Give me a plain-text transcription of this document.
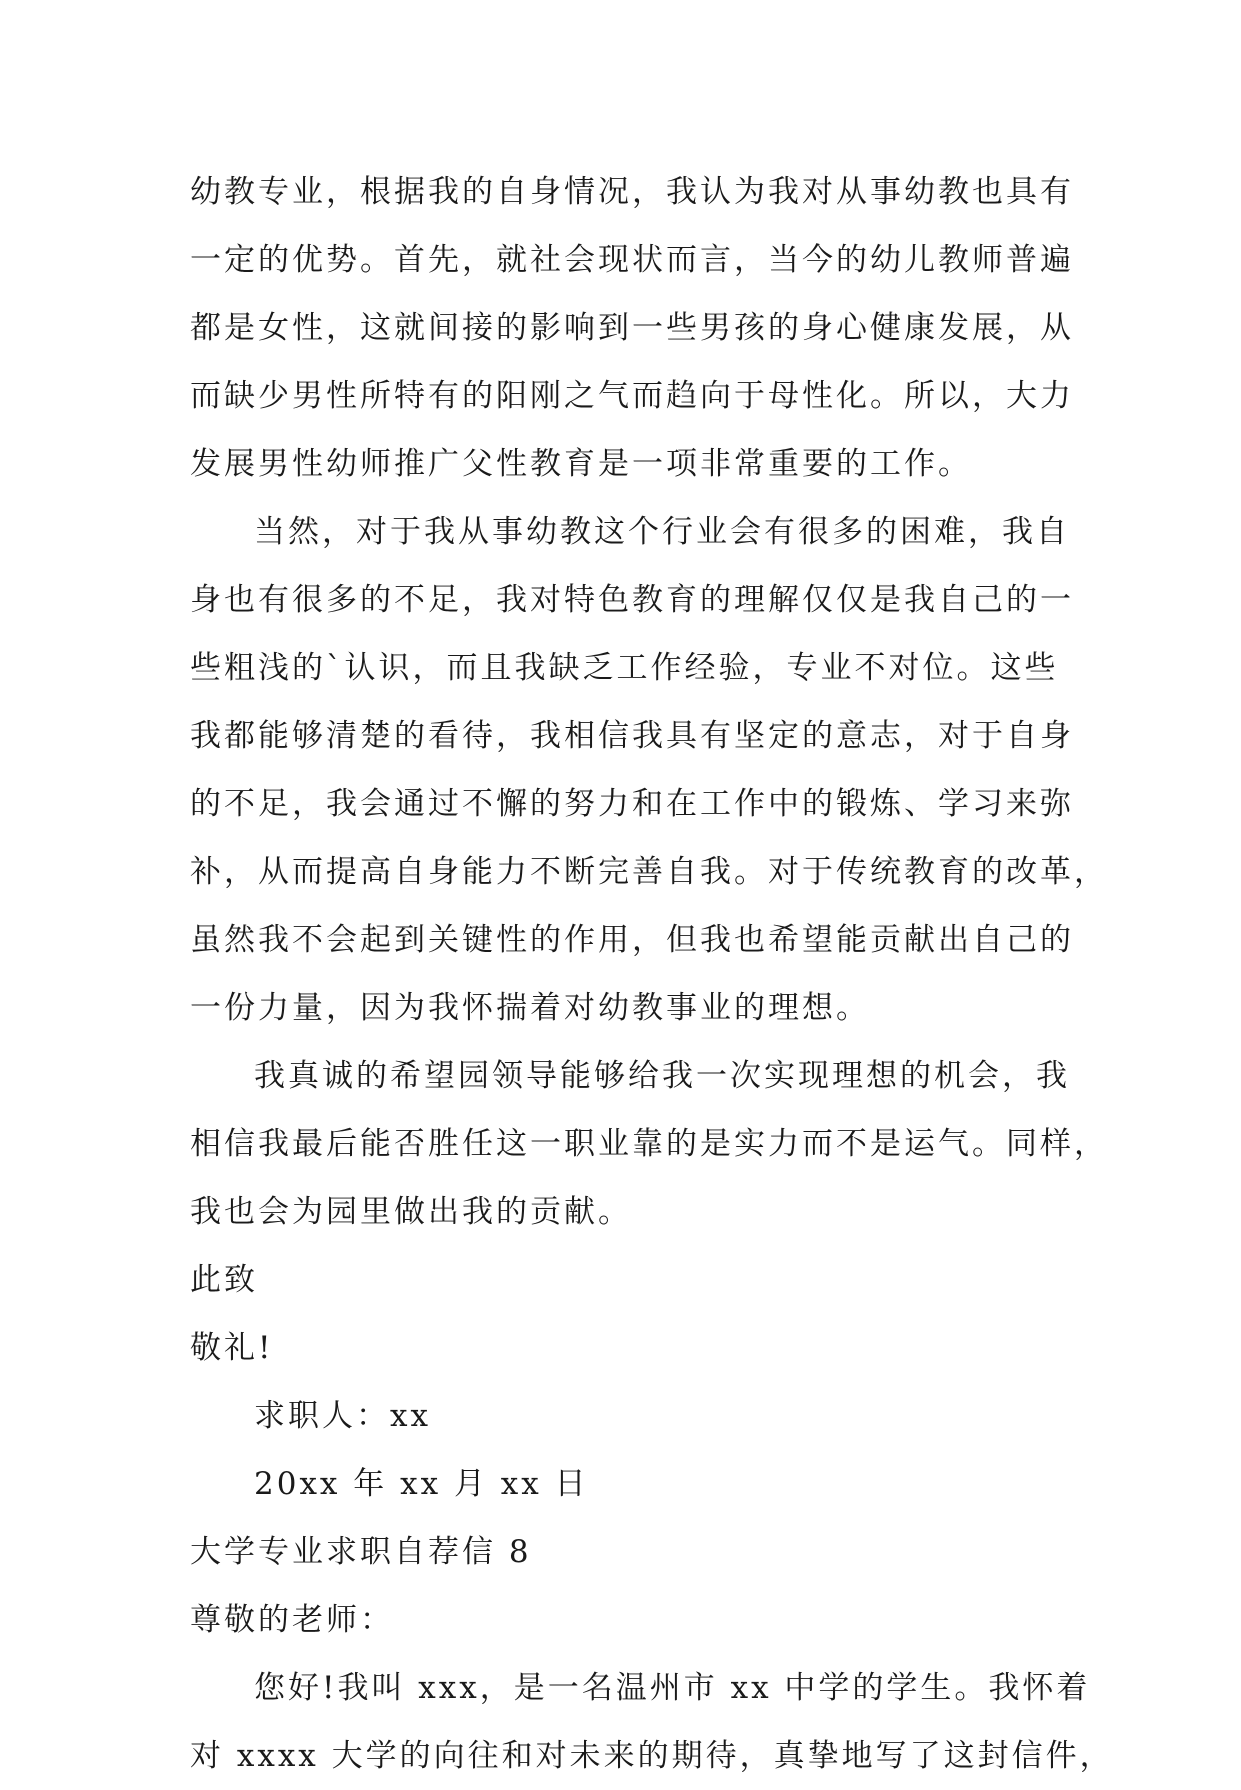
幼教专业，根据我的自身情况，我认为我对从事幼教也具有
一定的优势。首先，就社会现状而言，当今的幼儿教师普遍
都是女性，这就间接的影响到一些男孩的身心健康发展，从
而缺少男性所特有的阳刚之气而趋向于母性化。所以，大力
发展男性幼师推广父性教育是一项非常重要的工作。
当然，对于我从事幼教这个行业会有很多的困难，我自
身也有很多的不足，我对特色教育的理解仅仅是我自己的一
些粗浅的`认识，而且我缺乏工作经验，专业不对位。这些
我都能够清楚的看待，我相信我具有坚定的意志，对于自身
的不足，我会通过不懈的努力和在工作中的锻炼、学习来弥
补，从而提高自身能力不断完善自我。对于传统教育的改革，
虽然我不会起到关键性的作用，但我也希望能贡献出自己的
一份力量，因为我怀揣着对幼教事业的理想。
我真诚的希望园领导能够给我一次实现理想的机会，我
相信我最后能否胜任这一职业靠的是实力而不是运气。同样，
我也会为园里做出我的贡献。
此致
敬礼!
求职人：xx
20xx 年 xx 月 xx 日
大学专业求职自荐信 8
尊敬的老师：
您好!我叫 xxx，是一名温州市 xx 中学的学生。我怀着
对 xxxx 大学的向往和对未来的期待，真挚地写了这封信件，
